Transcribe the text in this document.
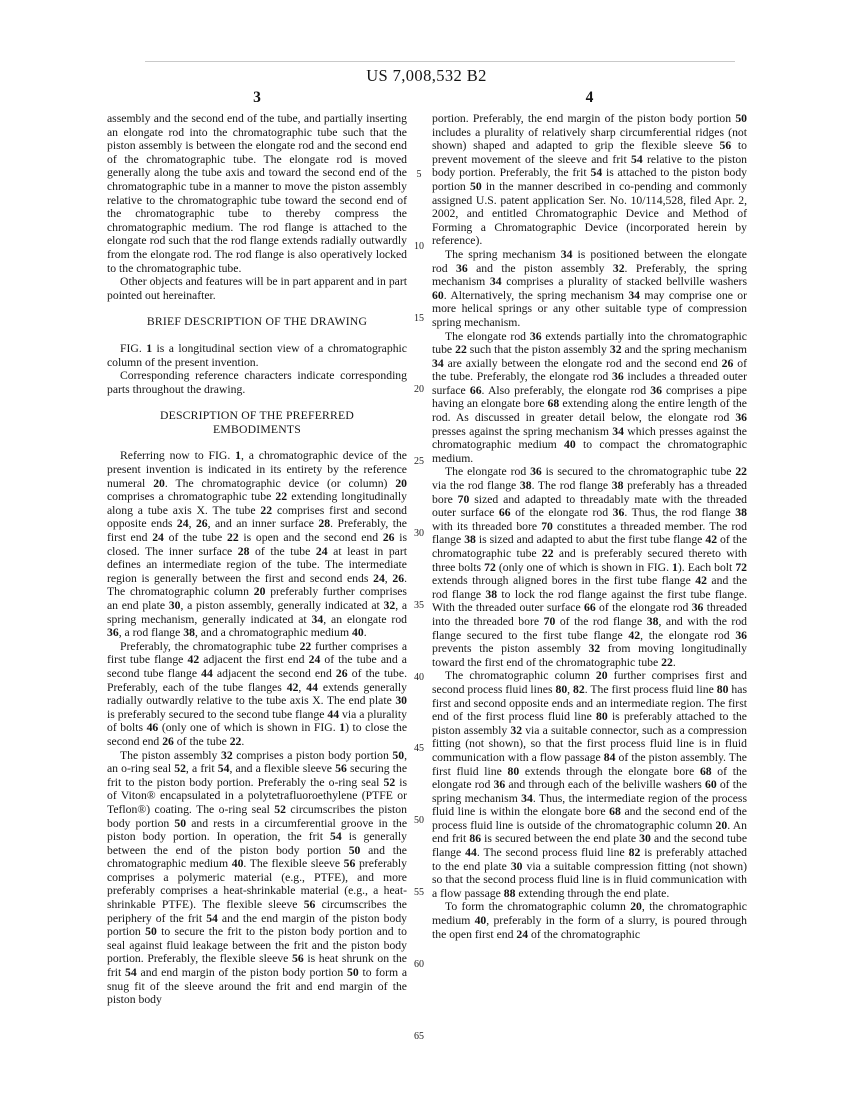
US 7,008,532 B2
3	4

assembly and the second end of the tube, and partially inserting an elongate rod into the chromatographic tube such that the piston assembly is between the elongate rod and the second end of the chromatographic tube. The elongate rod is moved generally along the tube axis and toward the second end of the chromatographic tube in a manner to move the piston assembly relative to the chromatographic tube toward the second end of the chromatographic tube to thereby compress the chromatographic medium. The rod flange is attached to the elongate rod such that the rod flange extends radially outwardly from the elongate rod. The rod flange is also operatively locked to the chromatographic tube.

Other objects and features will be in part apparent and in part pointed out hereinafter.

BRIEF DESCRIPTION OF THE DRAWING

FIG. 1 is a longitudinal section view of a chromatographic column of the present invention.

Corresponding reference characters indicate corresponding parts throughout the drawing.

DESCRIPTION OF THE PREFERRED
EMBODIMENTS

Referring now to FIG. 1, a chromatographic device of the present invention is indicated in its entirety by the reference numeral 20. The chromatographic device (or column) 20 comprises a chromatographic tube 22 extending longitudinally along a tube axis X. The tube 22 comprises first and second opposite ends 24, 26, and an inner surface 28. Preferably, the first end 24 of the tube 22 is open and the second end 26 is closed. The inner surface 28 of the tube 24 at least in part defines an intermediate region of the tube. The intermediate region is generally between the first and second ends 24, 26. The chromatographic column 20 preferably further comprises an end plate 30, a piston assembly, generally indicated at 32, a spring mechanism, generally indicated at 34, an elongate rod 36, a rod flange 38, and a chromatographic medium 40.

Preferably, the chromatographic tube 22 further comprises a first tube flange 42 adjacent the first end 24 of the tube and a second tube flange 44 adjacent the second end 26 of the tube. Preferably, each of the tube flanges 42, 44 extends generally radially outwardly relative to the tube axis X. The end plate 30 is preferably secured to the second tube flange 44 via a plurality of bolts 46 (only one of which is shown in FIG. 1) to close the second end 26 of the tube 22.

The piston assembly 32 comprises a piston body portion 50, an o-ring seal 52, a frit 54, and a flexible sleeve 56 securing the frit to the piston body portion. Preferably the o-ring seal 52 is of Viton® encapsulated in a polytetrafluoroethylene (PTFE or Teflon®) coating. The o-ring seal 52 circumscribes the piston body portion 50 and rests in a circumferential groove in the piston body portion. In operation, the frit 54 is generally between the end of the piston body portion 50 and the chromatographic medium 40. The flexible sleeve 56 preferably comprises a polymeric material (e.g., PTFE), and more preferably comprises a heat-shrinkable material (e.g., a heat-shrinkable PTFE). The flexible sleeve 56 circumscribes the periphery of the frit 54 and the end margin of the piston body portion 50 to secure the frit to the piston body portion and to seal against fluid leakage between the frit and the piston body portion. Preferably, the flexible sleeve 56 is heat shrunk on the frit 54 and end margin of the piston body portion 50 to form a snug fit of the sleeve around the frit and end margin of the piston body

5
10
15
20
25
30
35
40
45
50
55
60
65

portion. Preferably, the end margin of the piston body portion 50 includes a plurality of relatively sharp circumferential ridges (not shown) shaped and adapted to grip the flexible sleeve 56 to prevent movement of the sleeve and frit 54 relative to the piston body portion. Preferably, the frit 54 is attached to the piston body portion 50 in the manner described in co-pending and commonly assigned U.S. patent application Ser. No. 10/114,528, filed Apr. 2, 2002, and entitled Chromatographic Device and Method of Forming a Chromatographic Device (incorporated herein by reference).

The spring mechanism 34 is positioned between the elongate rod 36 and the piston assembly 32. Preferably, the spring mechanism 34 comprises a plurality of stacked bellville washers 60. Alternatively, the spring mechanism 34 may comprise one or more helical springs or any other suitable type of compression spring mechanism.

The elongate rod 36 extends partially into the chromatographic tube 22 such that the piston assembly 32 and the spring mechanism 34 are axially between the elongate rod and the second end 26 of the tube. Preferably, the elongate rod 36 includes a threaded outer surface 66. Also preferably, the elongate rod 36 comprises a pipe having an elongate bore 68 extending along the entire length of the rod. As discussed in greater detail below, the elongate rod 36 presses against the spring mechanism 34 which presses against the chromatographic medium 40 to compact the chromatographic medium.

The elongate rod 36 is secured to the chromatographic tube 22 via the rod flange 38. The rod flange 38 preferably has a threaded bore 70 sized and adapted to threadably mate with the threaded outer surface 66 of the elongate rod 36. Thus, the rod flange 38 with its threaded bore 70 constitutes a threaded member. The rod flange 38 is sized and adapted to abut the first tube flange 42 of the chromatographic tube 22 and is preferably secured thereto with three bolts 72 (only one of which is shown in FIG. 1). Each bolt 72 extends through aligned bores in the first tube flange 42 and the rod flange 38 to lock the rod flange against the first tube flange. With the threaded outer surface 66 of the elongate rod 36 threaded into the threaded bore 70 of the rod flange 38, and with the rod flange secured to the first tube flange 42, the elongate rod 36 prevents the piston assembly 32 from moving longitudinally toward the first end of the chromatographic tube 22.

The chromatographic column 20 further comprises first and second process fluid lines 80, 82. The first process fluid line 80 has first and second opposite ends and an intermediate region. The first end of the first process fluid line 80 is preferably attached to the piston assembly 32 via a suitable connector, such as a compression fitting (not shown), so that the first process fluid line is in fluid communication with a flow passage 84 of the piston assembly. The first fluid line 80 extends through the elongate bore 68 of the elongate rod 36 and through each of the beliville washers 60 of the spring mechanism 34. Thus, the intermediate region of the process fluid line is within the elongate bore 68 and the second end of the process fluid line is outside of the chromatographic column 20. An end frit 86 is secured between the end plate 30 and the second tube flange 44. The second process fluid line 82 is preferably attached to the end plate 30 via a suitable compression fitting (not shown) so that the second process fluid line is in fluid communication with a flow passage 88 extending through the end plate.

To form the chromatographic column 20, the chromatographic medium 40, preferably in the form of a slurry, is poured through the open first end 24 of the chromatographic
